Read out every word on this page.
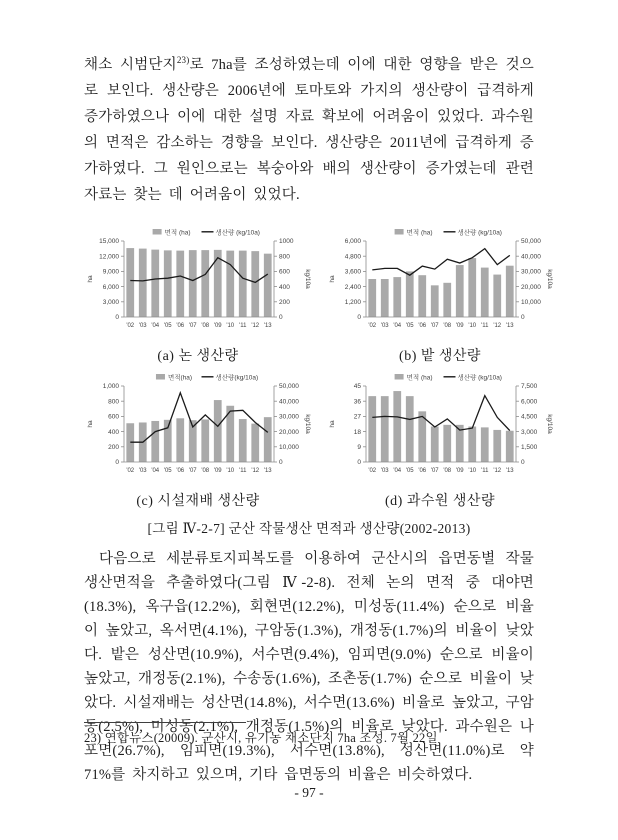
채소 시범단지$^{23)}$로 7ha를 조성하였는데 이에 대한 영향을 받은 것으로 보인다. 생산량은 2006년에 토마토와 가지의 생산량이 급격하게 증가하였으나 이에 대한 설명 자료 확보에 어려움이 있었다. 과수원의 면적은 감소하는 경향을 보인다. 생산량은 2011년에 급격하게 증가하였다. 그 원인으로는 복숭아와 배의 생산량이 증가였는데 관련 자료는 찾는 데 어려움이 있었다.

면적 (ha)	생산량 (kg/10a)
0
3,000
6,000
9,000
12,000
15,000
0
200
400
600
800
1000
'02 '03 '04 '05 '06 '07 '08 '09 '10 '11 '12 '13
ha	kg/10a
(a) 논 생산량
면적 (ha)	생산량 (kg/10a)
0
1,200
2,400
3,600
4,800
6,000
0
10,000
20,000
30,000
40,000
50,000
'02 '03 '04 '05 '06 '07 '08 '09 '10 '11 '12 '13
ha	kg/10a
(b) 밭 생산량
면적(ha)	생산량(kg/10a)
0
200
400
600
800
1,000
0
10,000
20,000
30,000
40,000
50,000
'02 '03 '04 '05 '06 '07 '08 '09 '10 '11 '12 '13
ha	kg/10a
(c) 시설재배 생산량
면적 (ha)	생산량 (kg/10a)
0
9
18
27
36
45
0
1,500
3,000
4,500
6,000
7,500
'02 '03 '04 '05 '06 '07 '08 '09 '10 '11 '12 '13
ha	kg/10a
(d) 과수원 생산량
[그림 Ⅳ-2-7] 군산 작물생산 면적과 생산량(2002-2013)

다음으로 세분류토지피복도를 이용하여 군산시의 읍면동별 작물 생산면적을 추출하였다(그림 Ⅳ-2-8). 전체 논의 면적 중 대야면(18.3%), 옥구읍(12.2%), 회현면(12.2%), 미성동(11.4%) 순으로 비율이 높았고, 옥서면(4.1%), 구암동(1.3%), 개정동(1.7%)의 비율이 낮았다. 밭은 성산면(10.9%), 서수면(9.4%), 임피면(9.0%) 순으로 비율이 높았고, 개정동(2.1%), 수송동(1.6%), 조촌동(1.7%) 순으로 비율이 낮았다. 시설재배는 성산면(14.8%), 서수면(13.6%) 비율로 높았고, 구암동(2.5%), 미성동(2.1%), 개정동(1.5%)의 비율로 낮았다. 과수원은 나포면(26.7%), 임피면(19.3%), 서수면(13.8%), 성산면(11.0%)로 약 71%를 차지하고 있으며, 기타 읍면동의 비율은 비슷하였다.

23) 연합뉴스(20009). 군산시, 유기농 채소단지 7ha 조성. 7월 22일
- 97 -
